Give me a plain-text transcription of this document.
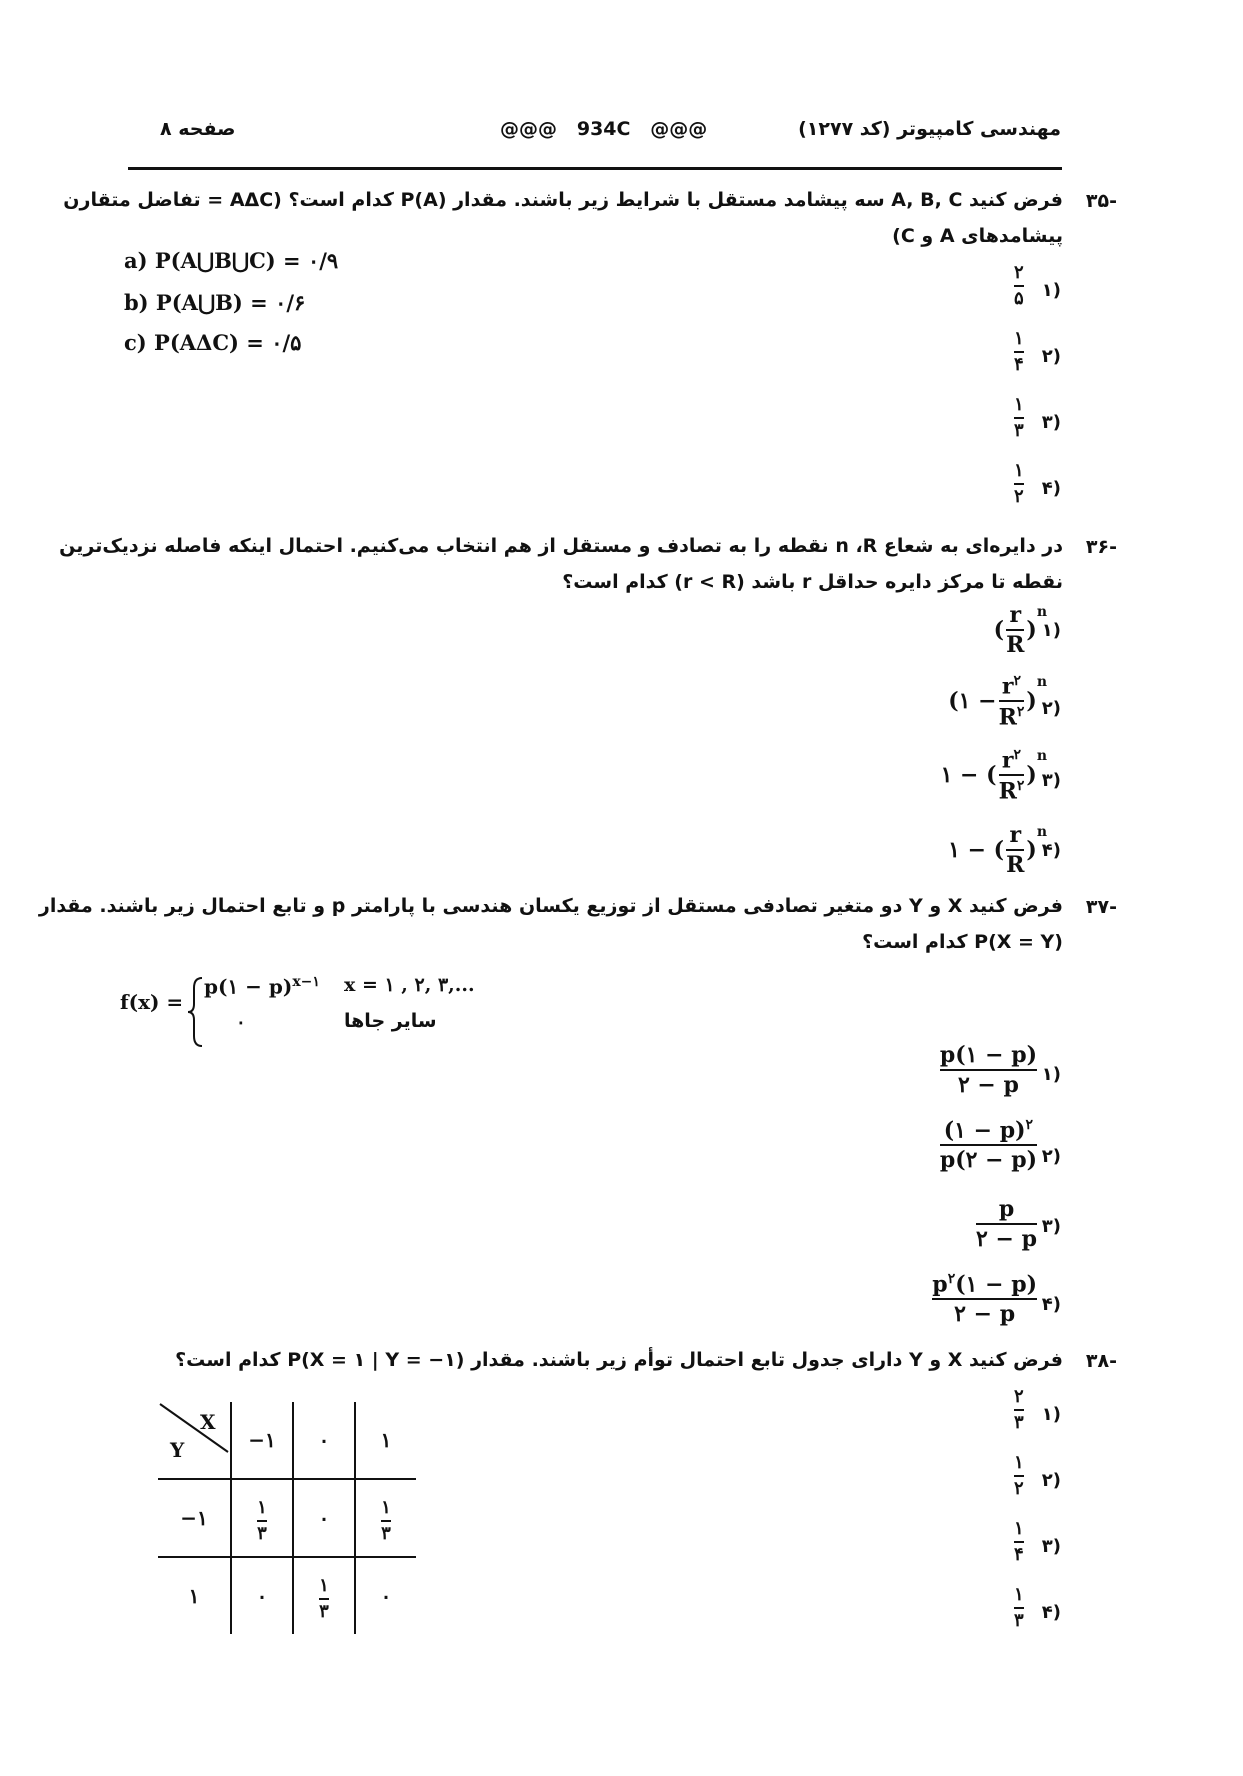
صفحه ۸	@@@   934C   @@@	مهندسی کامپیوتر (کد ۱۲۷۷)
-۳۵
فرض کنید A, B, C سه پیشامد مستقل با شرایط زیر باشند. مقدار P(A) کدام است؟ (AΔC = تفاضل متقارن
پیشامدهای A و C)
a) P(A⋃B⋃C) = ۰/۹
b) P(A⋃B) = ۰/۶
c) P(AΔC) = ۰/۵
(۱
۲
۵
(۲
۱
۴
(۳
۱
۳
(۴
۱
۲
-۳۶
در دایره‌ای به شعاع n ،R نقطه را به تصادف و مستقل از هم انتخاب می‌کنیم. احتمال اینکه فاصله نزدیک‌ترین
نقطه تا مرکز دایره حداقل r باشد (r < R) کدام است؟
(۱
( $\frac{r}{R}$ )
$^n$
(۲
(۱ − $\frac{r^۲}{R^۲}$ )
$^n$
(۳
۱ − ( $\frac{r^۲}{R^۲}$ )
$^n$
(۴
۱ − ( $\frac{r}{R}$ )
$^n$
-۳۷
فرض کنید X و Y دو متغیر تصادفی مستقل از توزیع یکسان هندسی با پارامتر p و تابع احتمال زیر باشند. مقدار
P(X = Y) کدام است؟
f(x) =
p(۱ − p)$^{x-۱}$ x = ۱ , ۲, ۳,...
۰	سایر جاها
(۱
p(۱ − p)
۲ − p
(۲
(۱ − p)$^۲$
p(۲ − p)
(۳
p
۲ − p
(۴
$p^۲(۱ - p)$
۲ − p
-۳۸
فرض کنید X و Y دارای جدول تابع احتمال توأم زیر باشند. مقدار P(X = ۱ | Y = −۱) کدام است؟
X
Y	−۱	۰	۱
−۱	$\frac{۱}{۳}$	۰	$\frac{۱}{۳}$

۱	۰	$\frac{۱}{۳}$	۰
(۱
۲
۳
(۲
۱
۲
(۳
۱
۴
(۴
۱
۳
